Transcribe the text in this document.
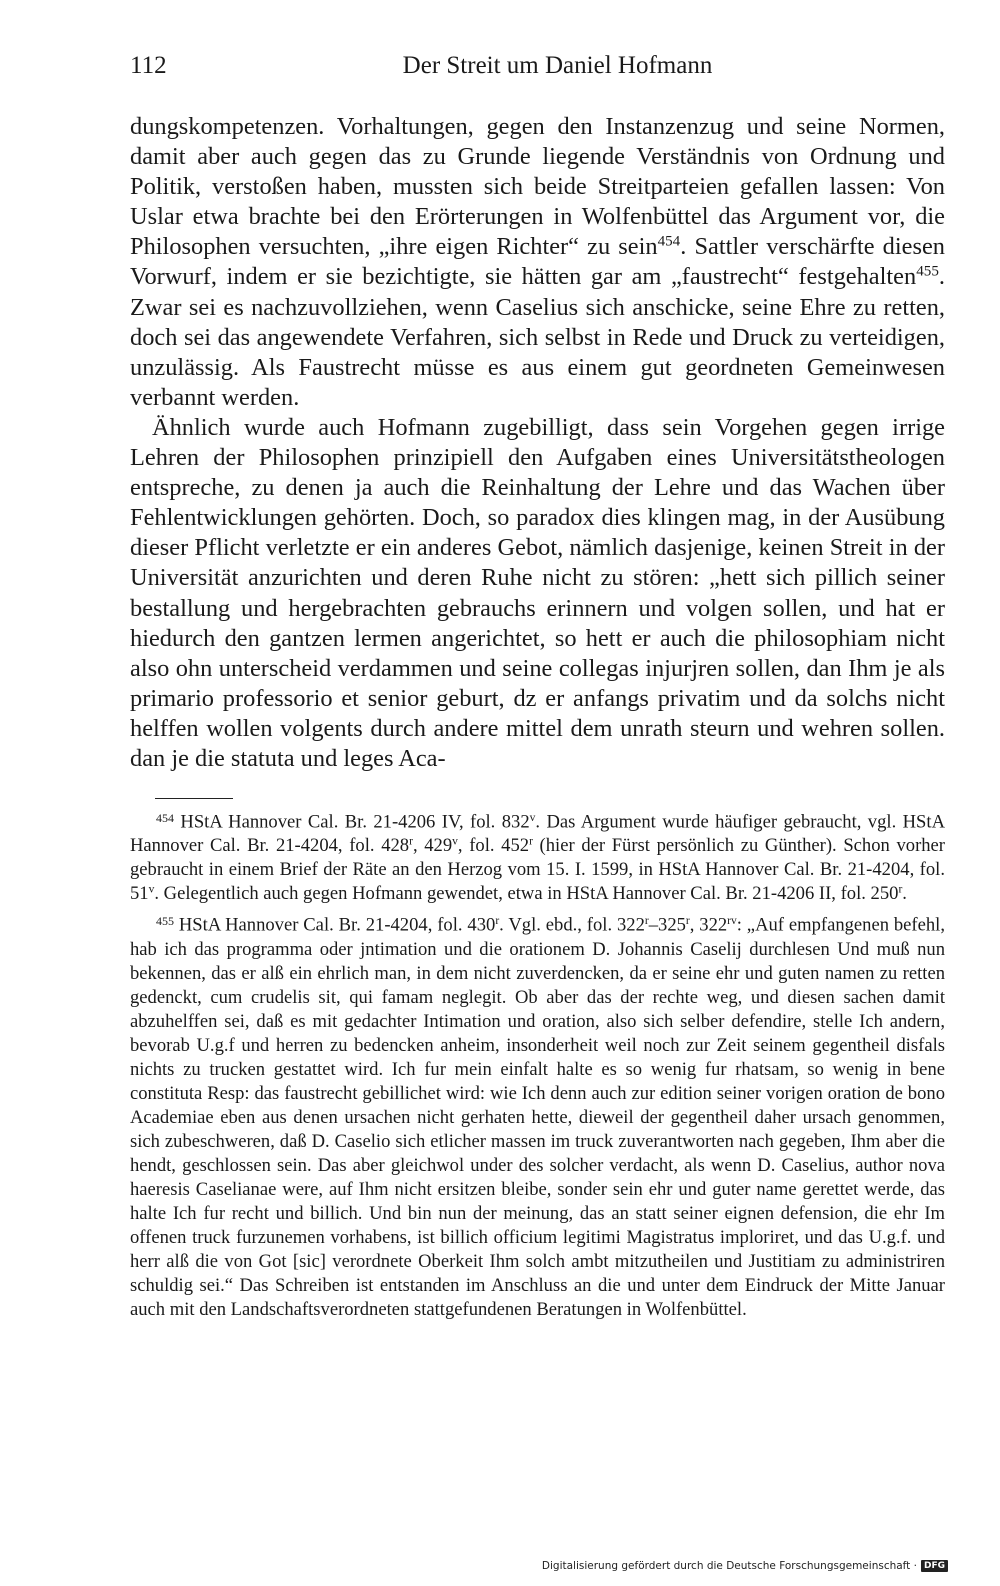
112	Der Streit um Daniel Hofmann

dungskompetenzen. Vorhaltungen, gegen den Instanzenzug und seine Normen, damit aber auch gegen das zu Grunde liegende Verständnis von Ordnung und Politik, verstoßen haben, mussten sich beide Streitparteien gefallen lassen: Von Uslar etwa brachte bei den Erörterungen in Wolfenbüttel das Argument vor, die Philosophen versuchten, „ihre eigen Richter“ zu sein$^{454}$. Sattler verschärfte diesen Vorwurf, indem er sie bezichtigte, sie hätten gar am „faustrecht“ festgehalten$^{455}$. Zwar sei es nachzuvollziehen, wenn Caselius sich anschicke, seine Ehre zu retten, doch sei das angewendete Verfahren, sich selbst in Rede und Druck zu verteidigen, unzulässig. Als Faustrecht müsse es aus einem gut geordneten Gemeinwesen verbannt werden.

Ähnlich wurde auch Hofmann zugebilligt, dass sein Vorgehen gegen irrige Lehren der Philosophen prinzipiell den Aufgaben eines Universitätstheologen entspreche, zu denen ja auch die Reinhaltung der Lehre und das Wachen über Fehlentwicklungen gehörten. Doch, so paradox dies klingen mag, in der Ausübung dieser Pflicht verletzte er ein anderes Gebot, nämlich dasjenige, keinen Streit in der Universität anzurichten und deren Ruhe nicht zu stören: „hett sich pillich seiner bestallung und hergebrachten gebrauchs erinnern und volgen sollen, und hat er hiedurch den gantzen lermen angerichtet, so hett er auch die philosophiam nicht also ohn unterscheid verdammen und seine collegas injurjren sollen, dan Ihm je als primario professorio et senior geburt, dz er anfangs privatim und da solchs nicht helffen wollen volgents durch andere mittel dem unrath steurn und wehren sollen. dan je die statuta und leges Aca-

$^{454}$ HStA Hannover Cal. Br. 21-4206 IV, fol. 832$^v$. Das Argument wurde häufiger gebraucht, vgl. HStA Hannover Cal. Br. 21-4204, fol. 428$^r$, 429$^v$, fol. 452$^r$ (hier der Fürst persönlich zu Günther). Schon vorher gebraucht in einem Brief der Räte an den Herzog vom 15. I. 1599, in HStA Hannover Cal. Br. 21-4204, fol. 51$^v$. Gelegentlich auch gegen Hofmann gewendet, etwa in HStA Hannover Cal. Br. 21-4206 II, fol. 250$^r$.

$^{455}$ HStA Hannover Cal. Br. 21-4204, fol. 430$^r$. Vgl. ebd., fol. 322$^r$–325$^r$, $322^{rv}$: „Auf empfangenen befehl, hab ich das programma oder jntimation und die orationem D. Johannis Caselij durchlesen Und muß nun bekennen, das er alß ein ehrlich man, in dem nicht zuverdencken, da er seine ehr und guten namen zu retten gedenckt, cum crudelis sit, qui famam neglegit. Ob aber das der rechte weg, und diesen sachen damit abzuhelffen sei, daß es mit gedachter Intimation und oration, also sich selber defendire, stelle Ich andern, bevorab U.g.f und herren zu bedencken anheim, insonderheit weil noch zur Zeit seinem gegentheil disfals nichts zu trucken gestattet wird. Ich fur mein einfalt halte es so wenig fur rhatsam, so wenig in bene constituta Resp: das faustrecht gebillichet wird: wie Ich denn auch zur edition seiner vorigen oration de bono Academiae eben aus denen ursachen nicht gerhaten hette, dieweil der gegentheil daher ursach genommen, sich zubeschweren, daß D. Caselio sich etlicher massen im truck zuverantworten nach gegeben, Ihm aber die hendt, geschlossen sein. Das aber gleichwol under des solcher verdacht, als wenn D. Caselius, author nova haeresis Caselianae were, auf Ihm nicht ersitzen bleibe, sonder sein ehr und guter name gerettet werde, das halte Ich fur recht und billich. Und bin nun der meinung, das an statt seiner eignen defension, die ehr Im offenen truck furzunemen vorhabens, ist billich officium legitimi Magistratus imploriret, und das U.g.f. und herr alß die von Got [sic] verordnete Oberkeit Ihm solch ambt mitzutheilen und Justitiam zu administriren schuldig sei.“ Das Schreiben ist entstanden im Anschluss an die und unter dem Eindruck der Mitte Januar auch mit den Landschaftsverordneten stattgefundenen Beratungen in Wolfenbüttel.

Digitalisierung gefördert durch die Deutsche Forschungsgemeinschaft · DFG
